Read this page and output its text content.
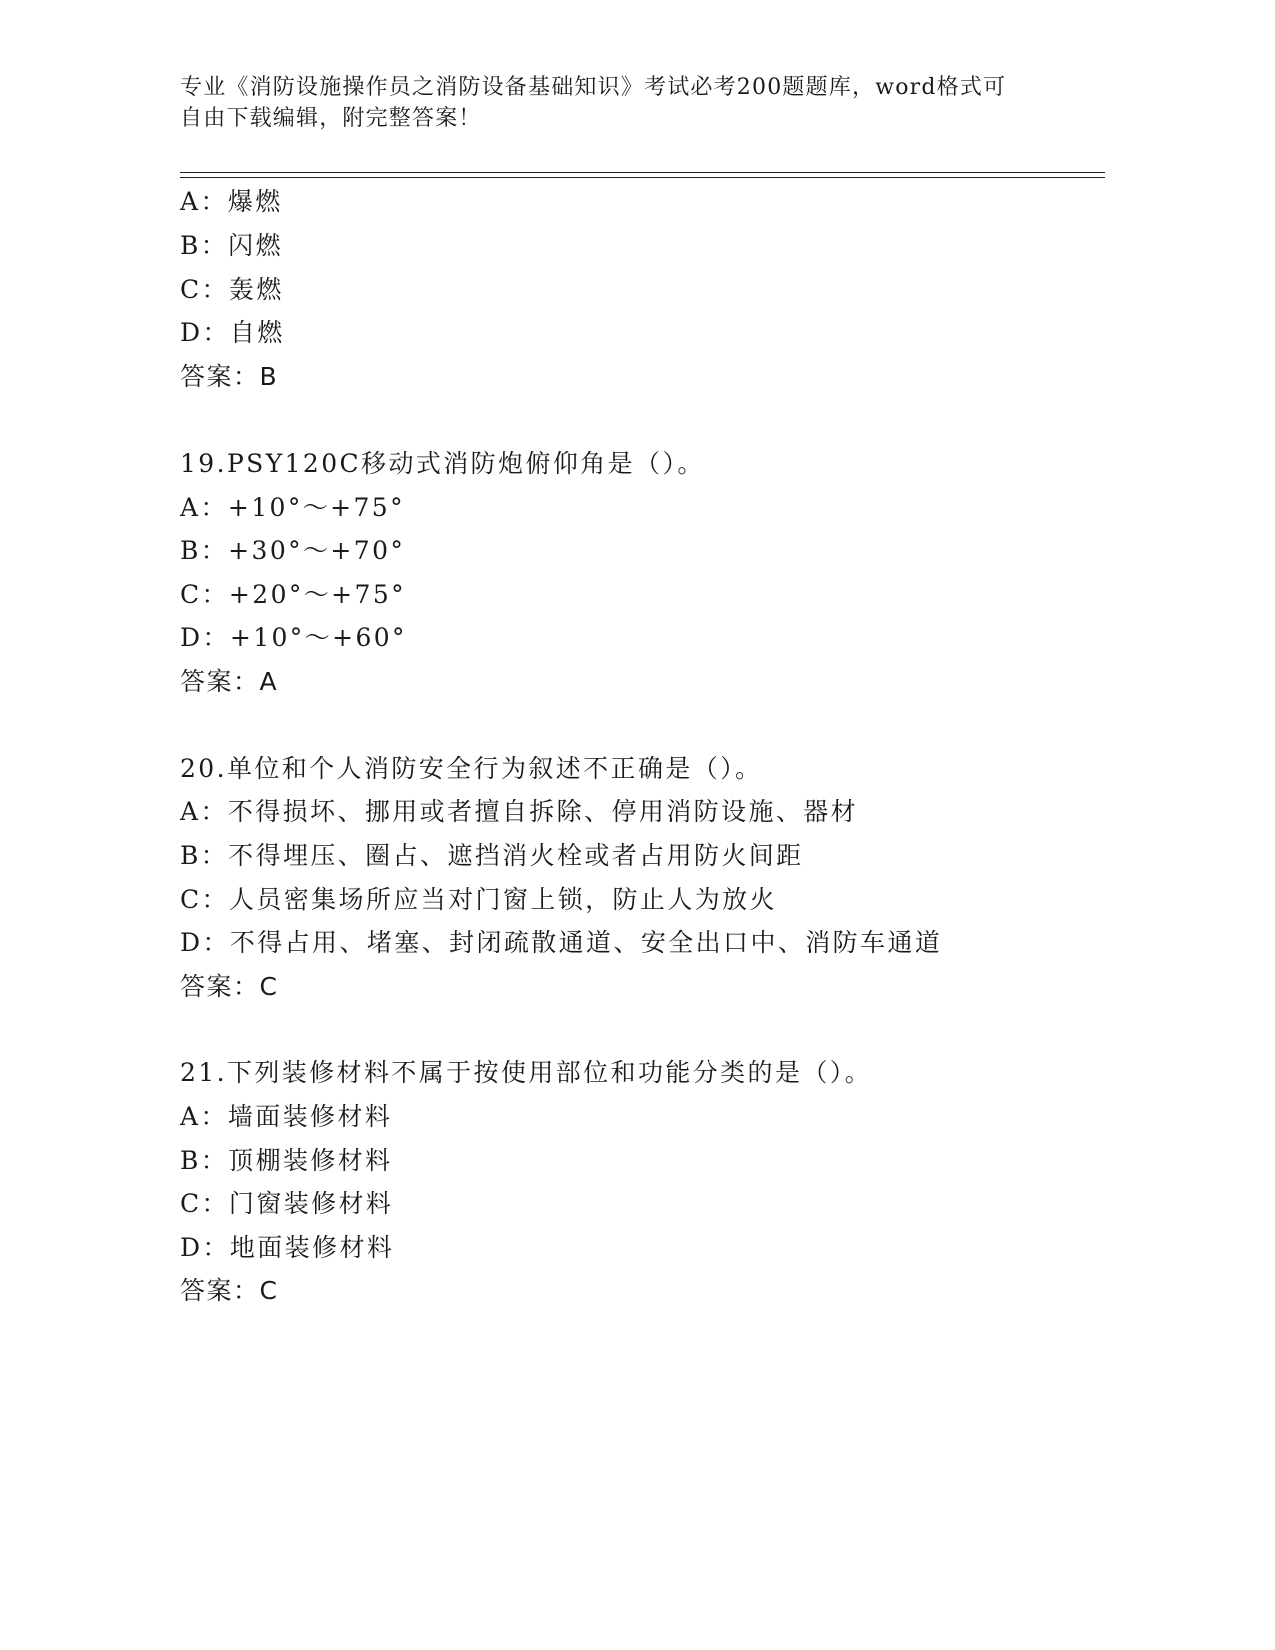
专业《消防设施操作员之消防设备基础知识》考试必考200题题库，word格式可
自由下载编辑，附完整答案！
A：爆燃
B：闪燃
C：轰燃
D：自燃
答案：B
19.PSY120C移动式消防炮俯仰角是（）。
A：+10°～+75°
B：+30°～+70°
C：+20°～+75°
D：+10°～+60°
答案：A
20.单位和个人消防安全行为叙述不正确是（）。
A：不得损坏、挪用或者擅自拆除、停用消防设施、器材
B：不得埋压、圈占、遮挡消火栓或者占用防火间距
C：人员密集场所应当对门窗上锁，防止人为放火
D：不得占用、堵塞、封闭疏散通道、安全出口中、消防车通道
答案：C
21.下列装修材料不属于按使用部位和功能分类的是（）。
A：墙面装修材料
B：顶棚装修材料
C：门窗装修材料
D：地面装修材料
答案：C
